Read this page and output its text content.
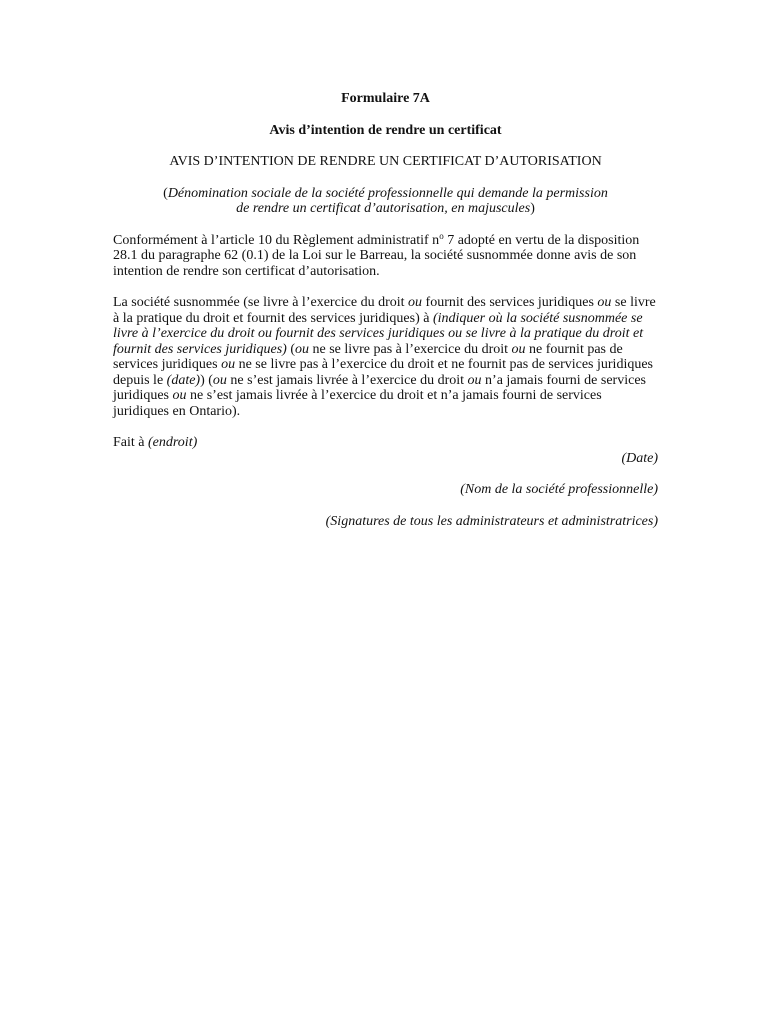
Formulaire 7A

Avis d’intention de rendre un certificat

AVIS D’INTENTION DE RENDRE UN CERTIFICAT D’AUTORISATION

(Dénomination sociale de la société professionnelle qui demande la permission
de rendre un certificat d’autorisation, en majuscules)

Conformément à l’article 10 du Règlement administratif $n^o$ 7 adopté en vertu de la disposition 28.1 du paragraphe 62 (0.1) de la Loi sur le Barreau, la société susnommée donne avis de son intention de rendre son certificat d’autorisation.

La société susnommée (se livre à l’exercice du droit ou fournit des services juridiques ou se livre à la pratique du droit et fournit des services juridiques) à (indiquer où la société susnommée se livre à l’exercice du droit ou fournit des services juridiques ou se livre à la pratique du droit et fournit des services juridiques) (ou ne se livre pas à l’exercice du droit ou ne fournit pas de services juridiques ou ne se livre pas à l’exercice du droit et ne fournit pas de services juridiques depuis le (date)) (ou ne s’est jamais livrée à l’exercice du droit ou n’a jamais fourni de services juridiques ou ne s’est jamais livrée à l’exercice du droit et n’a jamais fourni de services juridiques en Ontario).

Fait à (endroit)

(Date)

(Nom de la société professionnelle)

(Signatures de tous les administrateurs et administratrices)
